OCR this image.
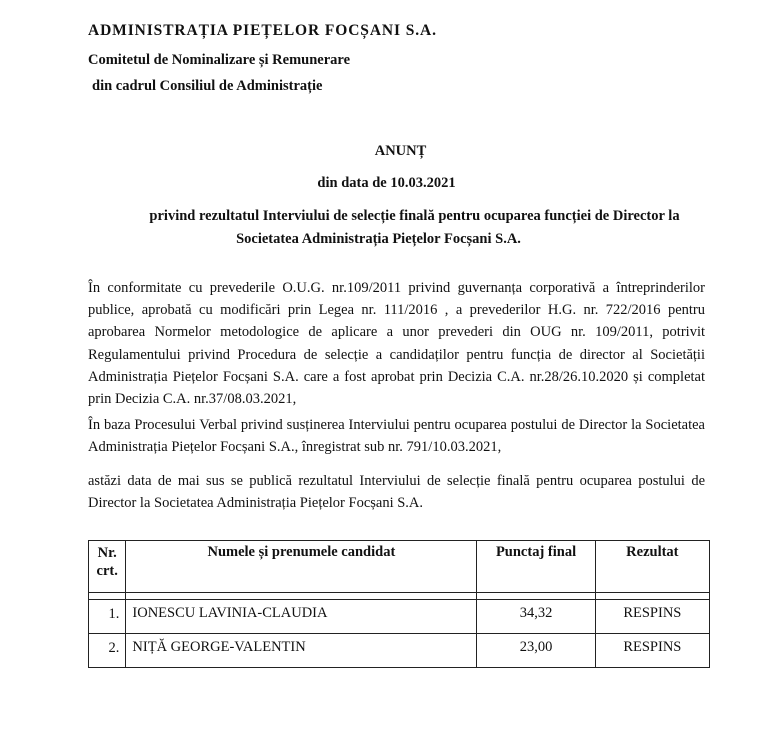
ADMINISTRAȚIA PIEȚELOR FOCȘANI S.A.
Comitetul de Nominalizare și Remunerare
din cadrul Consiliul de Administrație
ANUNȚ
din data de 10.03.2021
privind rezultatul Interviului de selecție finală pentru ocuparea funcției de Director la
Societatea Administrația Piețelor Focșani S.A.
În conformitate cu prevederile O.U.G. nr.109/2011 privind guvernanța corporativă a întreprinderilor publice, aprobată cu modificări prin Legea nr. 111/2016 , a prevederilor H.G. nr. 722/2016 pentru aprobarea Normelor metodologice de aplicare a unor prevederi din OUG nr. 109/2011, potrivit Regulamentului privind Procedura de selecție a candidaților pentru funcția de director al Societății Administrația Piețelor Focșani S.A. care a fost aprobat prin Decizia C.A. nr.28/26.10.2020 și completat prin Decizia C.A. nr.37/08.03.2021,
În baza Procesului Verbal privind susținerea Interviului pentru ocuparea postului de Director la Societatea Administrația Piețelor Focșani S.A., înregistrat sub nr. 791/10.03.2021,
astăzi data de mai sus se publică rezultatul Interviului de selecție finală pentru ocuparea postului de Director la Societatea Administrația Piețelor Focșani S.A.
Nr. crt.	Numele și prenumele candidat	Punctaj final	Rezultat

1.	IONESCU LAVINIA-CLAUDIA	34,32	RESPINS
2.	NIȚĂ GEORGE-VALENTIN	23,00	RESPINS
